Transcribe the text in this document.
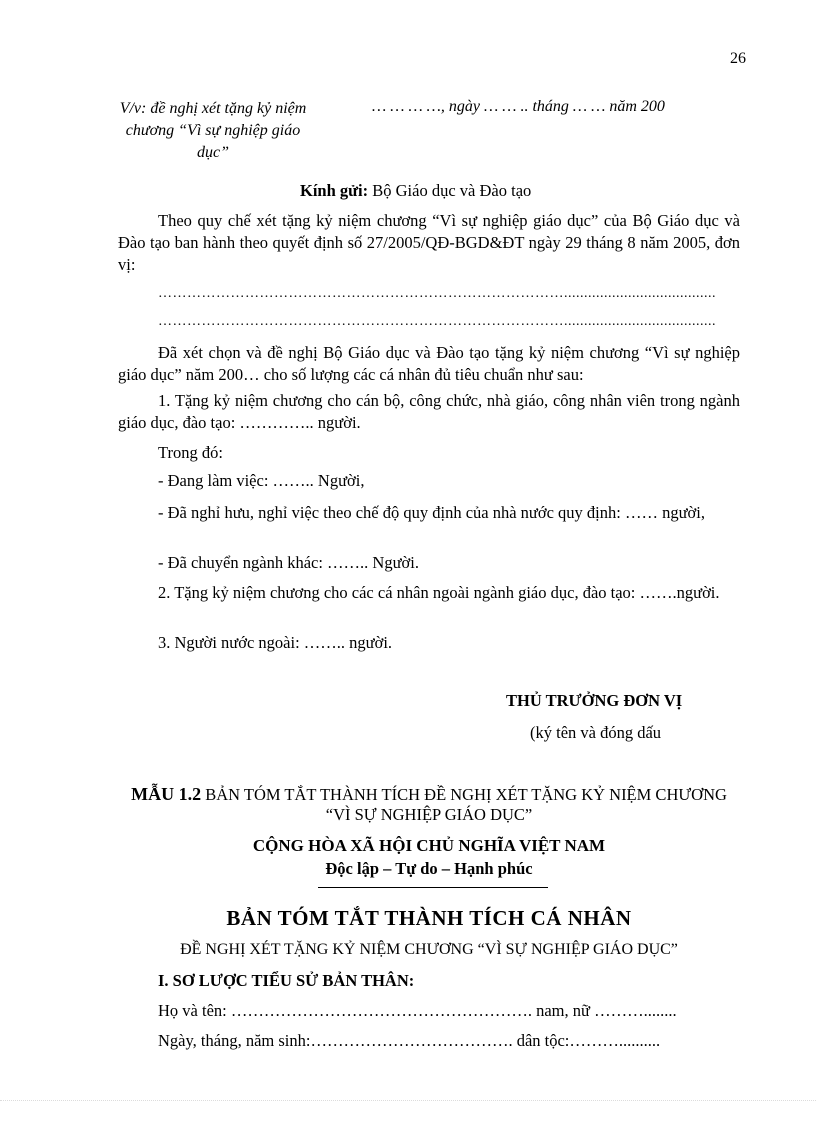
26
V/v: đề nghị xét tặng kỷ niệm chương “Vì sự nghiệp giáo dục”
… … … …, ngày … … .. tháng … … năm 200
Kính gửi: Bộ Giáo dục và Đào tạo
Theo quy chế xét tặng kỷ niệm chương “Vì sự nghiệp giáo dục” của Bộ Giáo dục và Đào tạo ban hành theo quyết định số 27/2005/QĐ-BGD&ĐT ngày 29 tháng 8 năm 2005, đơn vị:
…………………………………………………………………………......................................
…………………………………………………………………………......................................
Đã xét chọn và đề nghị Bộ Giáo dục và Đào tạo tặng kỷ niệm chương “Vì sự nghiệp giáo dục” năm 200… cho số lượng các cá nhân đủ tiêu chuẩn như sau:
1. Tặng kỷ niệm chương cho cán bộ, công chức, nhà giáo, công nhân viên trong ngành giáo dục, đào tạo: ………….. người.
Trong đó:
- Đang làm việc: …….. Người,
- Đã nghỉ hưu, nghỉ việc theo chế độ quy định của nhà nước quy định: …… người,
- Đã chuyển ngành khác: …….. Người.
2. Tặng kỷ niệm chương cho các cá nhân ngoài ngành giáo dục, đào tạo: …….người.
3. Người nước ngoài: …….. người.
THỦ TRƯỞNG ĐƠN VỊ
(ký tên và đóng dấu
MẪU 1.2 BẢN TÓM TẮT THÀNH TÍCH ĐỀ NGHỊ XÉT TẶNG KỶ NIỆM CHƯƠNG “VÌ SỰ NGHIỆP GIÁO DỤC”
CỘNG HÒA XÃ HỘI CHỦ NGHĨA VIỆT NAM
Độc lập – Tự do – Hạnh phúc
BẢN TÓM TẮT THÀNH TÍCH CÁ NHÂN
ĐỀ NGHỊ XÉT TẶNG KỶ NIỆM CHƯƠNG “VÌ SỰ NGHIỆP GIÁO DỤC”
I. SƠ LƯỢC TIỂU SỬ BẢN THÂN:
Họ và tên: ………………………………………………. nam, nữ ………........
Ngày, tháng, năm sinh:………………………………. dân tộc:………..........
